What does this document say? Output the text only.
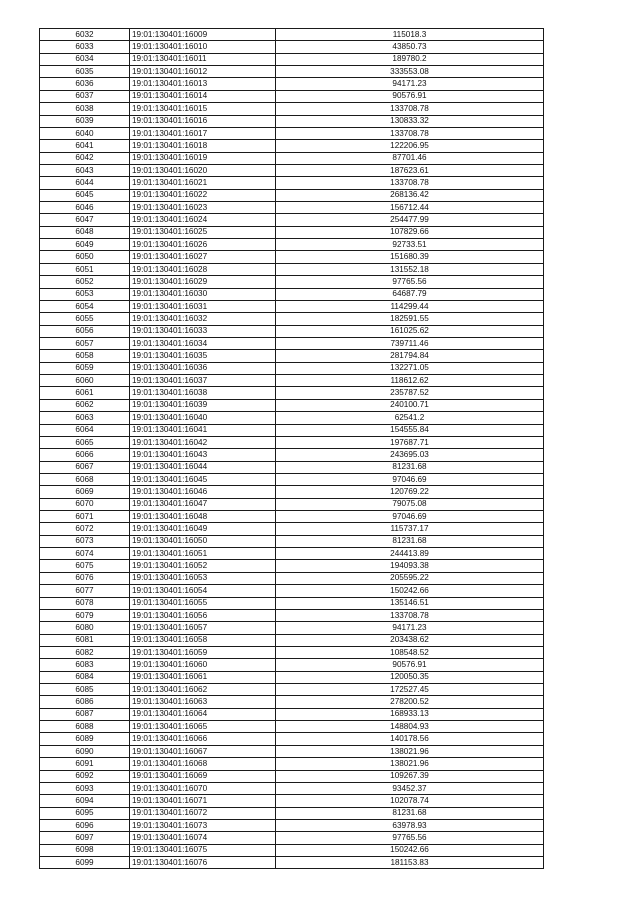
6032	19:01:130401:16009	115018.3
6033	19:01:130401:16010	43850.73
6034	19:01:130401:16011	189780.2
6035	19:01:130401:16012	333553.08
6036	19:01:130401:16013	94171.23
6037	19:01:130401:16014	90576.91
6038	19:01:130401:16015	133708.78
6039	19:01:130401:16016	130833.32
6040	19:01:130401:16017	133708.78
6041	19:01:130401:16018	122206.95
6042	19:01:130401:16019	87701.46
6043	19:01:130401:16020	187623.61
6044	19:01:130401:16021	133708.78
6045	19:01:130401:16022	268136.42
6046	19:01:130401:16023	156712.44
6047	19:01:130401:16024	254477.99
6048	19:01:130401:16025	107829.66
6049	19:01:130401:16026	92733.51
6050	19:01:130401:16027	151680.39
6051	19:01:130401:16028	131552.18
6052	19:01:130401:16029	97765.56
6053	19:01:130401:16030	64687.79
6054	19:01:130401:16031	114299.44
6055	19:01:130401:16032	182591.55
6056	19:01:130401:16033	161025.62
6057	19:01:130401:16034	739711.46
6058	19:01:130401:16035	281794.84
6059	19:01:130401:16036	132271.05
6060	19:01:130401:16037	118612.62
6061	19:01:130401:16038	235787.52
6062	19:01:130401:16039	240100.71
6063	19:01:130401:16040	62541.2
6064	19:01:130401:16041	154555.84
6065	19:01:130401:16042	197687.71
6066	19:01:130401:16043	243695.03
6067	19:01:130401:16044	81231.68
6068	19:01:130401:16045	97046.69
6069	19:01:130401:16046	120769.22
6070	19:01:130401:16047	79075.08
6071	19:01:130401:16048	97046.69
6072	19:01:130401:16049	115737.17
6073	19:01:130401:16050	81231.68
6074	19:01:130401:16051	244413.89
6075	19:01:130401:16052	194093.38
6076	19:01:130401:16053	205595.22
6077	19:01:130401:16054	150242.66
6078	19:01:130401:16055	135146.51
6079	19:01:130401:16056	133708.78
6080	19:01:130401:16057	94171.23
6081	19:01:130401:16058	203438.62
6082	19:01:130401:16059	108548.52
6083	19:01:130401:16060	90576.91
6084	19:01:130401:16061	120050.35
6085	19:01:130401:16062	172527.45
6086	19:01:130401:16063	278200.52
6087	19:01:130401:16064	168933.13
6088	19:01:130401:16065	148804.93
6089	19:01:130401:16066	140178.56
6090	19:01:130401:16067	138021.96
6091	19:01:130401:16068	138021.96
6092	19:01:130401:16069	109267.39
6093	19:01:130401:16070	93452.37
6094	19:01:130401:16071	102078.74
6095	19:01:130401:16072	81231.68
6096	19:01:130401:16073	63978.93
6097	19:01:130401:16074	97765.56
6098	19:01:130401:16075	150242.66
6099	19:01:130401:16076	181153.83
